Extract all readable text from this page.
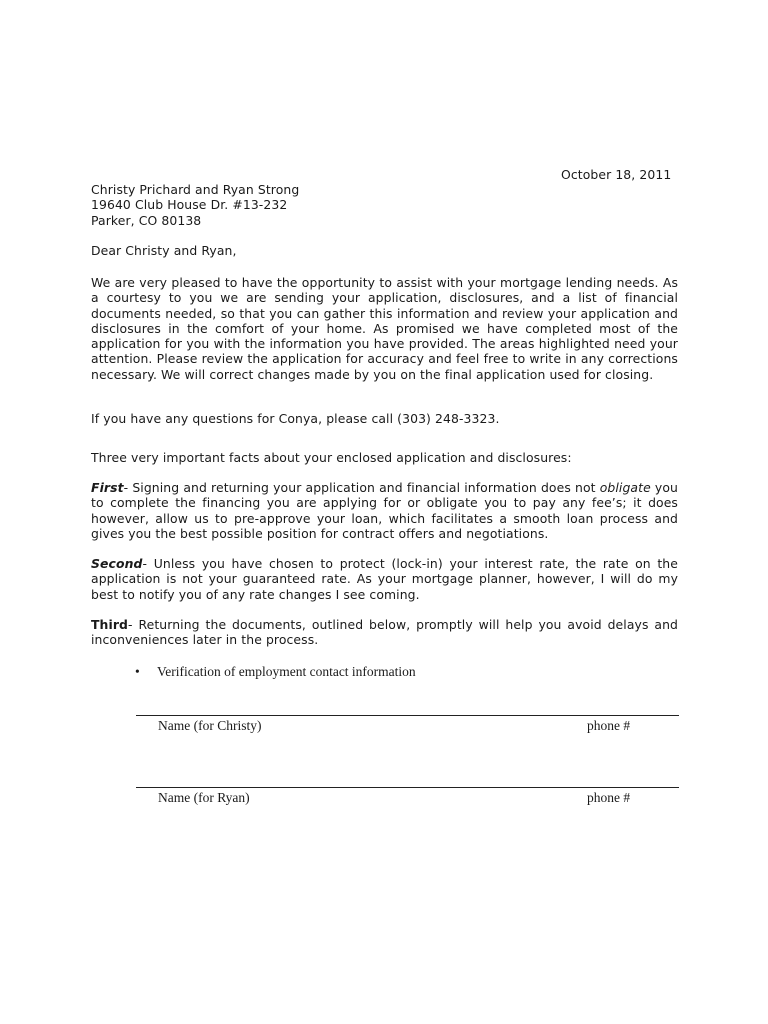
October 18, 2011
Christy Prichard and Ryan Strong
19640 Club House Dr. #13-232
Parker, CO 80138
Dear Christy and Ryan,

We are very pleased to have the opportunity to assist with your mortgage lending needs. As a courtesy to you we are sending your application, disclosures, and a list of financial documents needed, so that you can gather this information and review your application and disclosures in the comfort of your home. As promised we have completed most of the application for you with the information you have provided. The areas highlighted need your attention. Please review the application for accuracy and feel free to write in any corrections necessary. We will correct changes made by you on the final application used for closing.

If you have any questions for Conya, please call (303) 248-3323.

Three very important facts about your enclosed application and disclosures:

First- Signing and returning your application and financial information does not obligate you to complete the financing you are applying for or obligate you to pay any fee’s; it does however, allow us to pre-approve your loan, which facilitates a smooth loan process and gives you the best possible position for contract offers and negotiations.

Second- Unless you have chosen to protect (lock-in) your interest rate, the rate on the application is not your guaranteed rate. As your mortgage planner, however, I will do my best to notify you of any rate changes I see coming.

Third- Returning the documents, outlined below, promptly will help you avoid delays and inconveniences later in the process.

• Verification of employment contact information
Name (for Christy)	phone #
Name (for Ryan)	phone #
